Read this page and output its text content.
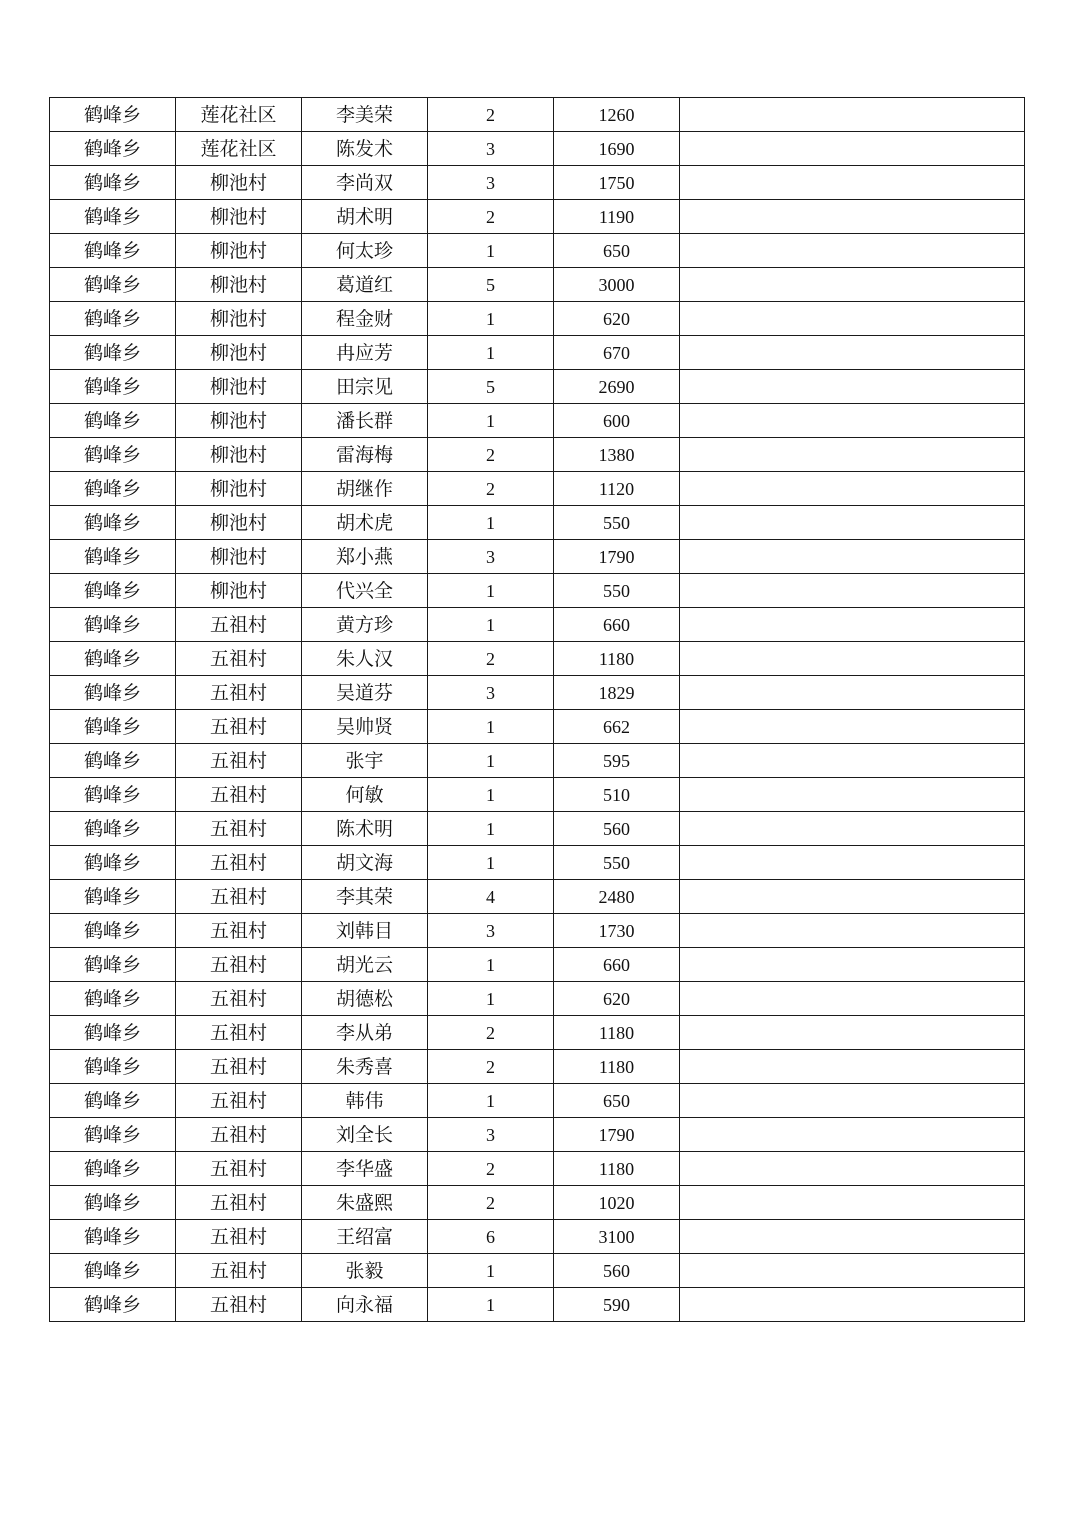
鹤峰乡	莲花社区	李美荣	2	1260	
鹤峰乡	莲花社区	陈发术	3	1690	
鹤峰乡	柳池村	李尚双	3	1750	
鹤峰乡	柳池村	胡术明	2	1190	
鹤峰乡	柳池村	何太珍	1	650	
鹤峰乡	柳池村	葛道红	5	3000	
鹤峰乡	柳池村	程金财	1	620	
鹤峰乡	柳池村	冉应芳	1	670	
鹤峰乡	柳池村	田宗见	5	2690	
鹤峰乡	柳池村	潘长群	1	600	
鹤峰乡	柳池村	雷海梅	2	1380	
鹤峰乡	柳池村	胡继作	2	1120	
鹤峰乡	柳池村	胡术虎	1	550	
鹤峰乡	柳池村	郑小燕	3	1790	
鹤峰乡	柳池村	代兴全	1	550	
鹤峰乡	五祖村	黄方珍	1	660	
鹤峰乡	五祖村	朱人汉	2	1180	
鹤峰乡	五祖村	吴道芬	3	1829	
鹤峰乡	五祖村	吴帅贤	1	662	
鹤峰乡	五祖村	张宇	1	595	
鹤峰乡	五祖村	何敏	1	510	
鹤峰乡	五祖村	陈术明	1	560	
鹤峰乡	五祖村	胡文海	1	550	
鹤峰乡	五祖村	李其荣	4	2480	
鹤峰乡	五祖村	刘韩目	3	1730	
鹤峰乡	五祖村	胡光云	1	660	
鹤峰乡	五祖村	胡德松	1	620	
鹤峰乡	五祖村	李从弟	2	1180	
鹤峰乡	五祖村	朱秀喜	2	1180	
鹤峰乡	五祖村	韩伟	1	650	
鹤峰乡	五祖村	刘全长	3	1790	
鹤峰乡	五祖村	李华盛	2	1180	
鹤峰乡	五祖村	朱盛熙	2	1020	
鹤峰乡	五祖村	王绍富	6	3100	
鹤峰乡	五祖村	张毅	1	560	
鹤峰乡	五祖村	向永福	1	590	
